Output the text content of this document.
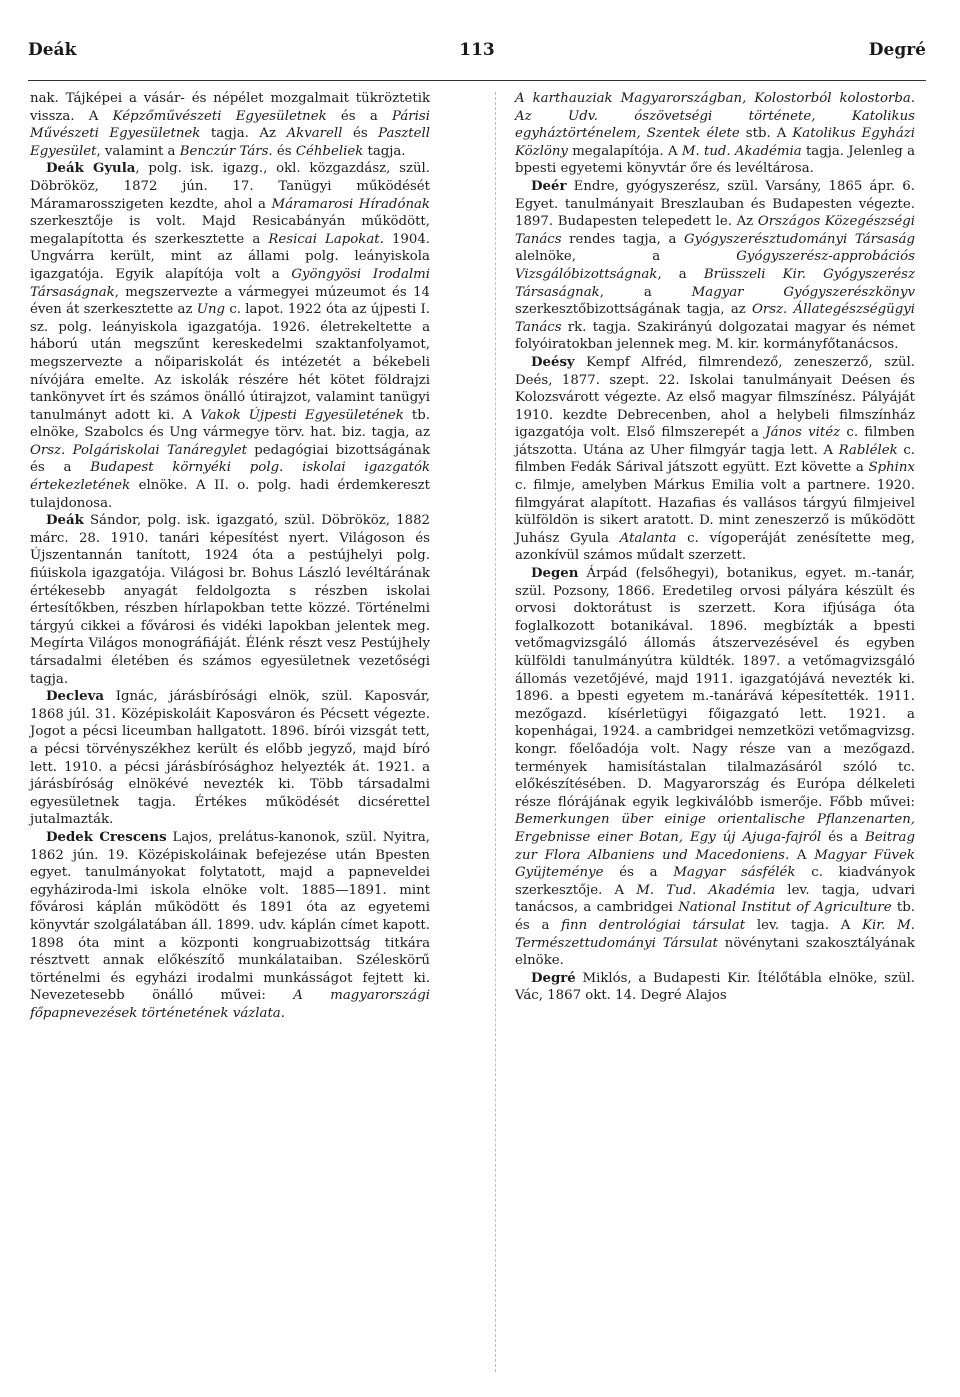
Deák	113	Degré

nak. Tájképei a vásár- és népélet mozgalmait tükröztetik vissza. A Képzőművészeti Egyesületnek és a Párisi Művészeti Egyesületnek tagja. Az Akvarell és Pasztell Egyesület, valamint a Benczúr Társ. és Céhbeliek tagja.

Deák Gyula, polg. isk. igazg., okl. közgazdász, szül. Döbrököz, 1872 jún. 17. Tanügyi működését Máramarosszigeten kezdte, ahol a Máramarosi Híradónak szerkesztője is volt. Majd Resicabányán működött, megalapította és szerkesztette a Resicai Lapokat. 1904. Ungvárra került, mint az állami polg. leányiskola igazgatója. Egyik alapítója volt a Gyöngyösi Irodalmi Társaságnak, megszervezte a vármegyei múzeumot és 14 éven át szerkesztette az Ung c. lapot. 1922 óta az újpesti I. sz. polg. leányiskola igazgatója. 1926. életrekeltette a háború után megszűnt kereskedelmi szaktanfolyamot, megszervezte a nőipariskolát és intézetét a békebeli nívójára emelte. Az iskolák részére hét kötet földrajzi tankönyvet írt és számos önálló útirajzot, valamint tanügyi tanulmányt adott ki. A Vakok Újpesti Egyesületének tb. elnöke, Szabolcs és Ung vármegye törv. hat. biz. tagja, az Orsz. Polgáriskolai Tanáregylet pedagógiai bizottságának és a Budapest környéki polg. iskolai igazgatók értekezletének elnöke. A II. o. polg. hadi érdemkereszt tulajdonosa.

Deák Sándor, polg. isk. igazgató, szül. Döbrököz, 1882 márc. 28. 1910. tanári képesítést nyert. Világoson és Újszentannán tanított, 1924 óta a pestújhelyi polg. fiúiskola igazgatója. Világosi br. Bohus László levéltárának értékesebb anyagát feldolgozta s részben iskolai értesítőkben, részben hírlapokban tette közzé. Történelmi tárgyú cikkei a fővárosi és vidéki lapokban jelentek meg. Megírta Világos monográfiáját. Élénk részt vesz Pestújhely társadalmi életében és számos egyesületnek vezetőségi tagja.

Decleva Ignác, járásbírósági elnök, szül. Kaposvár, 1868 júl. 31. Középiskoláit Kaposváron és Pécsett végezte. Jogot a pécsi liceumban hallgatott. 1896. bírói vizsgát tett, a pécsi törvényszékhez került és előbb jegyző, majd bíró lett. 1910. a pécsi járásbírósághoz helyezték át. 1921. a járásbíróság elnökévé nevezték ki. Több társadalmi egyesületnek tagja. Értékes működését dicsérettel jutalmazták.

Dedek Crescens Lajos, prelátus-kanonok, szül. Nyitra, 1862 jún. 19. Középiskoláinak befejezése után Bpesten egyet. tanulmányokat folytatott, majd a papneveldei egyháziroda-lmi iskola elnöke volt. 1885—1891. mint fővárosi káplán működött és 1891 óta az egyetemi könyvtár szolgálatában áll. 1899. udv. káplán címet kapott. 1898 óta mint a központi kongruabizottság titkára résztvett annak előkészítő munkálataiban. Széleskörű történelmi és egyházi irodalmi munkásságot fejtett ki. Nevezetesebb önálló művei: A magyarországi főpapnevezések történetének vázlata.

A karthauziak Magyarországban, Kolostorból kolostorba. Az Udv. ószövetségi története, Katolikus egyháztörténelem, Szentek élete stb. A Katolikus Egyházi Közlöny megalapítója. A M. tud. Akadémia tagja. Jelenleg a bpesti egyetemi könyvtár őre és levéltárosa.

Deér Endre, gyógyszerész, szül. Varsány, 1865 ápr. 6. Egyet. tanulmányait Breszlauban és Budapesten végezte. 1897. Budapesten telepedett le. Az Országos Közegészségi Tanács rendes tagja, a Gyógyszerésztudományi Társaság alelnöke, a Gyógyszerész-approbációs Vizsgálóbizottságnak, a Brüsszeli Kir. Gyógyszerész Társaságnak, a Magyar Gyógyszerészkönyv szerkesztőbizottságának tagja, az Orsz. Állategészségügyi Tanács rk. tagja. Szakirányú dolgozatai magyar és német folyóiratokban jelennek meg. M. kir. kormányfőtanácsos.

Deésy Kempf Alfréd, filmrendező, zeneszerző, szül. Deés, 1877. szept. 22. Iskolai tanulmányait Deésen és Kolozsvárott végezte. Az első magyar filmszínész. Pályáját 1910. kezdte Debrecenben, ahol a helybeli filmszínház igazgatója volt. Első filmszerepét a János vitéz c. filmben játszotta. Utána az Uher filmgyár tagja lett. A Rablélek c. filmben Fedák Sárival játszott együtt. Ezt követte a Sphinx c. filmje, amelyben Márkus Emilia volt a partnere. 1920. filmgyárat alapított. Hazafias és vallásos tárgyú filmjeivel külföldön is sikert aratott. D. mint zeneszerző is működött Juhász Gyula Atalanta c. vígoperáját zenésítette meg, azonkívül számos műdalt szerzett.

Degen Árpád (felsőhegyi), botanikus, egyet. m.-tanár, szül. Pozsony, 1866. Eredetileg orvosi pályára készült és orvosi doktorátust is szerzett. Kora ifjúsága óta foglalkozott botanikával. 1896. megbízták a bpesti vetőmagvizsgáló állomás átszervezésével és egyben külföldi tanulmányútra küldték. 1897. a vetőmagvizsgáló állomás vezetőjévé, majd 1911. igazgatójává nevezték ki. 1896. a bpesti egyetem m.-tanárává képesítették. 1911. mezőgazd. kísérletügyi főigazgató lett. 1921. a kopenhágai, 1924. a cambridgei nemzetközi vetőmagvizsg. kongr. főelőadója volt. Nagy része van a mezőgazd. termények hamisítástalan tilalmazásáról szóló tc. előkészítésében. D. Magyarország és Európa délkeleti része flórájának egyik legkiválóbb ismerője. Főbb művei: Bemerkungen über einige orientalische Pflanzenarten, Ergebnisse einer Botan, Egy új Ajuga-fajról és a Beitrag zur Flora Albaniens und Macedoniens. A Magyar Füvek Gyüjteménye és a Magyar sásfélék c. kiadványok szerkesztője. A M. Tud. Akadémia lev. tagja, udvari tanácsos, a cambridgei National Institut of Agriculture tb. és a finn dentrológiai társulat lev. tagja. A Kir. M. Természettudományi Társulat növénytani szakosztályának elnöke.

Degré Miklós, a Budapesti Kir. Ítélőtábla elnöke, szül. Vác, 1867 okt. 14. Degré Alajos
